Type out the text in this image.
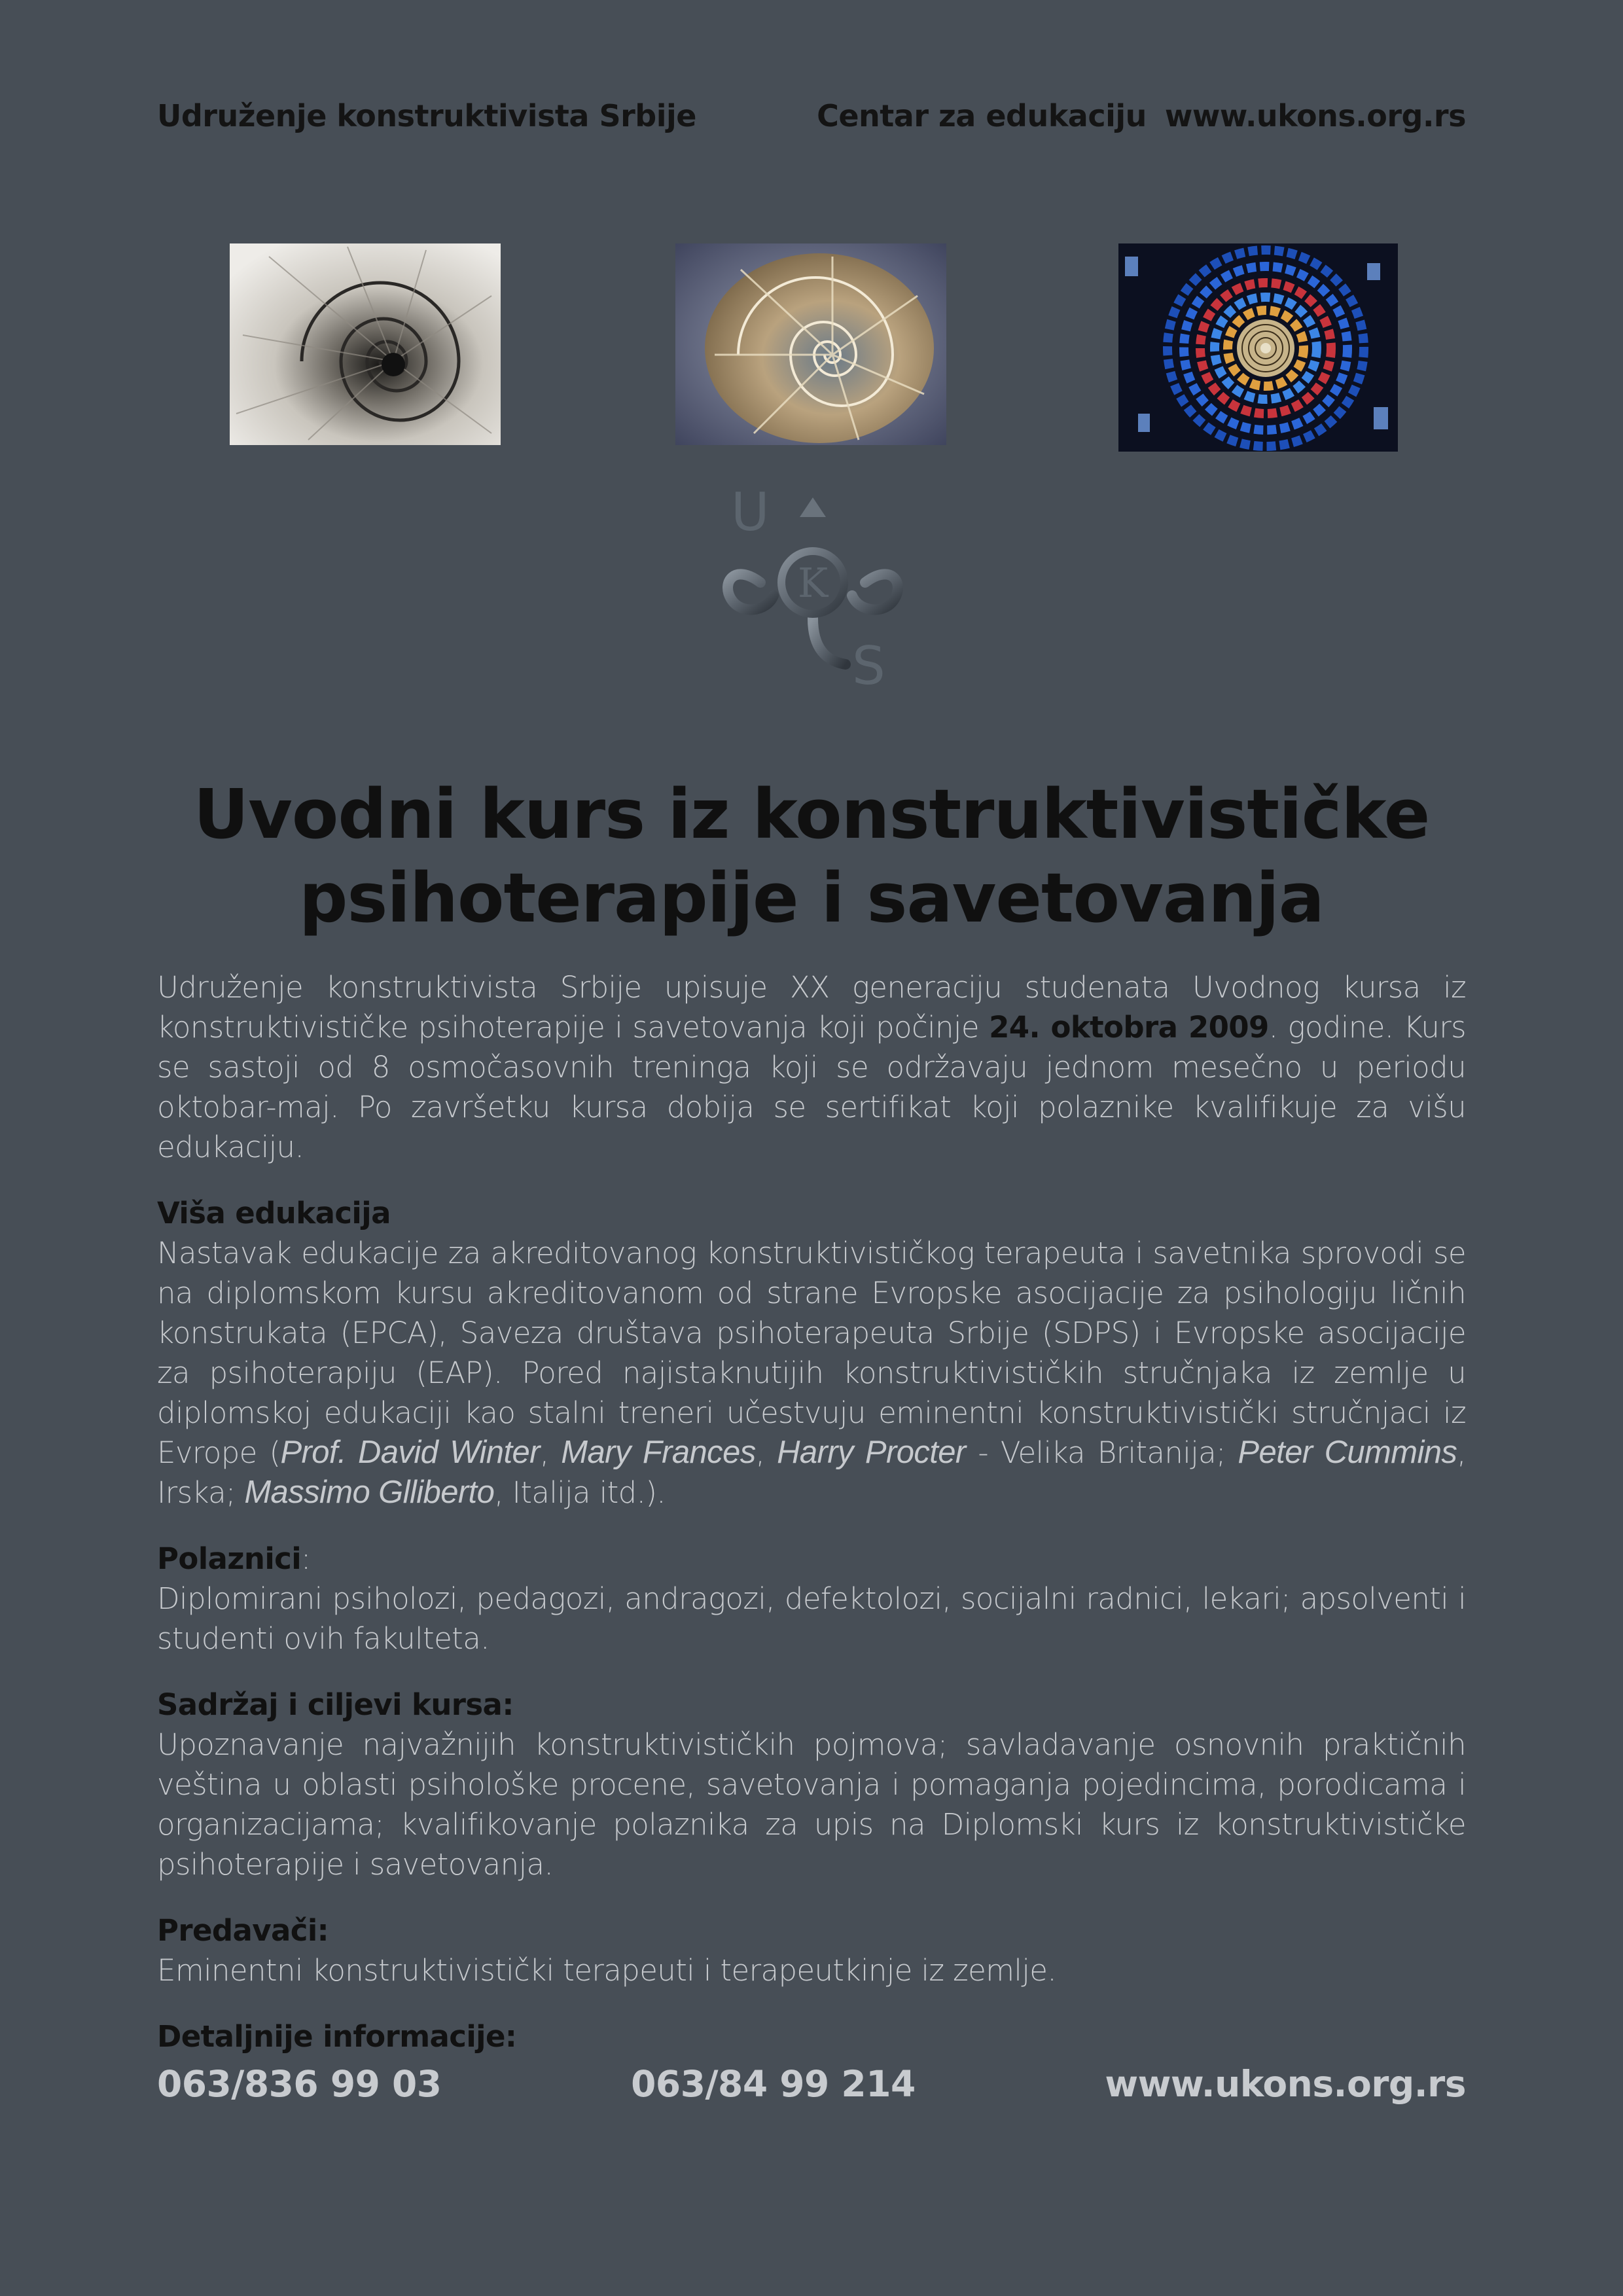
Udruženje konstruktivista Srbije	Centar za edukaciju www.ukons.org.rs
K
U
S
Uvodni kurs iz konstruktivističke
psihoterapije i savetovanja

Udruženje konstruktivista Srbije upisuje XX generaciju studenata Uvodnog kursa iz konstruktivističke psihoterapije i savetovanja koji počinje 24. oktobra 2009. godine. Kurs se sastoji od 8 osmočasovnih treninga koji se održavaju jednom mesečno u periodu oktobar-maj. Po završetku kursa dobija se sertifikat koji polaznike kvalifikuje za višu edukaciju.

Viša edukacija

Nastavak edukacije za akreditovanog konstruktivističkog terapeuta i savetnika sprovodi se na diplomskom kursu akreditovanom od strane Evropske asocijacije za psihologiju ličnih konstrukata (EPCA), Saveza društava psihoterapeuta Srbije (SDPS) i Evropske asocijacije za psihoterapiju (EAP). Pored najistaknutijih konstruktivističkih stručnjaka iz zemlje u diplomskoj edukaciji kao stalni treneri učestvuju eminentni konstruktivistički stručnjaci iz Evrope (Prof. David Winter, Mary Frances, Harry Procter - Velika Britanija; Peter Cummins, Irska; Massimo Glliberto, Italija itd.).

Polaznici:

Diplomirani psiholozi, pedagozi, andragozi, defektolozi, socijalni radnici, lekari; apsolventi i studenti ovih fakulteta.

Sadržaj i ciljevi kursa:

Upoznavanje najvažnijih konstruktivističkih pojmova; savladavanje osnovnih praktičnih veština u oblasti psihološke procene, savetovanja i pomaganja pojedincima, porodicama i organizacijama; kvalifikovanje polaznika za upis na Diplomski kurs iz konstruktivističke psihoterapije i savetovanja.

Predavači:

Eminentni konstruktivistički terapeuti i terapeutkinje iz zemlje.

Detaljnije informacije:
063/836 99 03	063/84 99 214	www.ukons.org.rs
